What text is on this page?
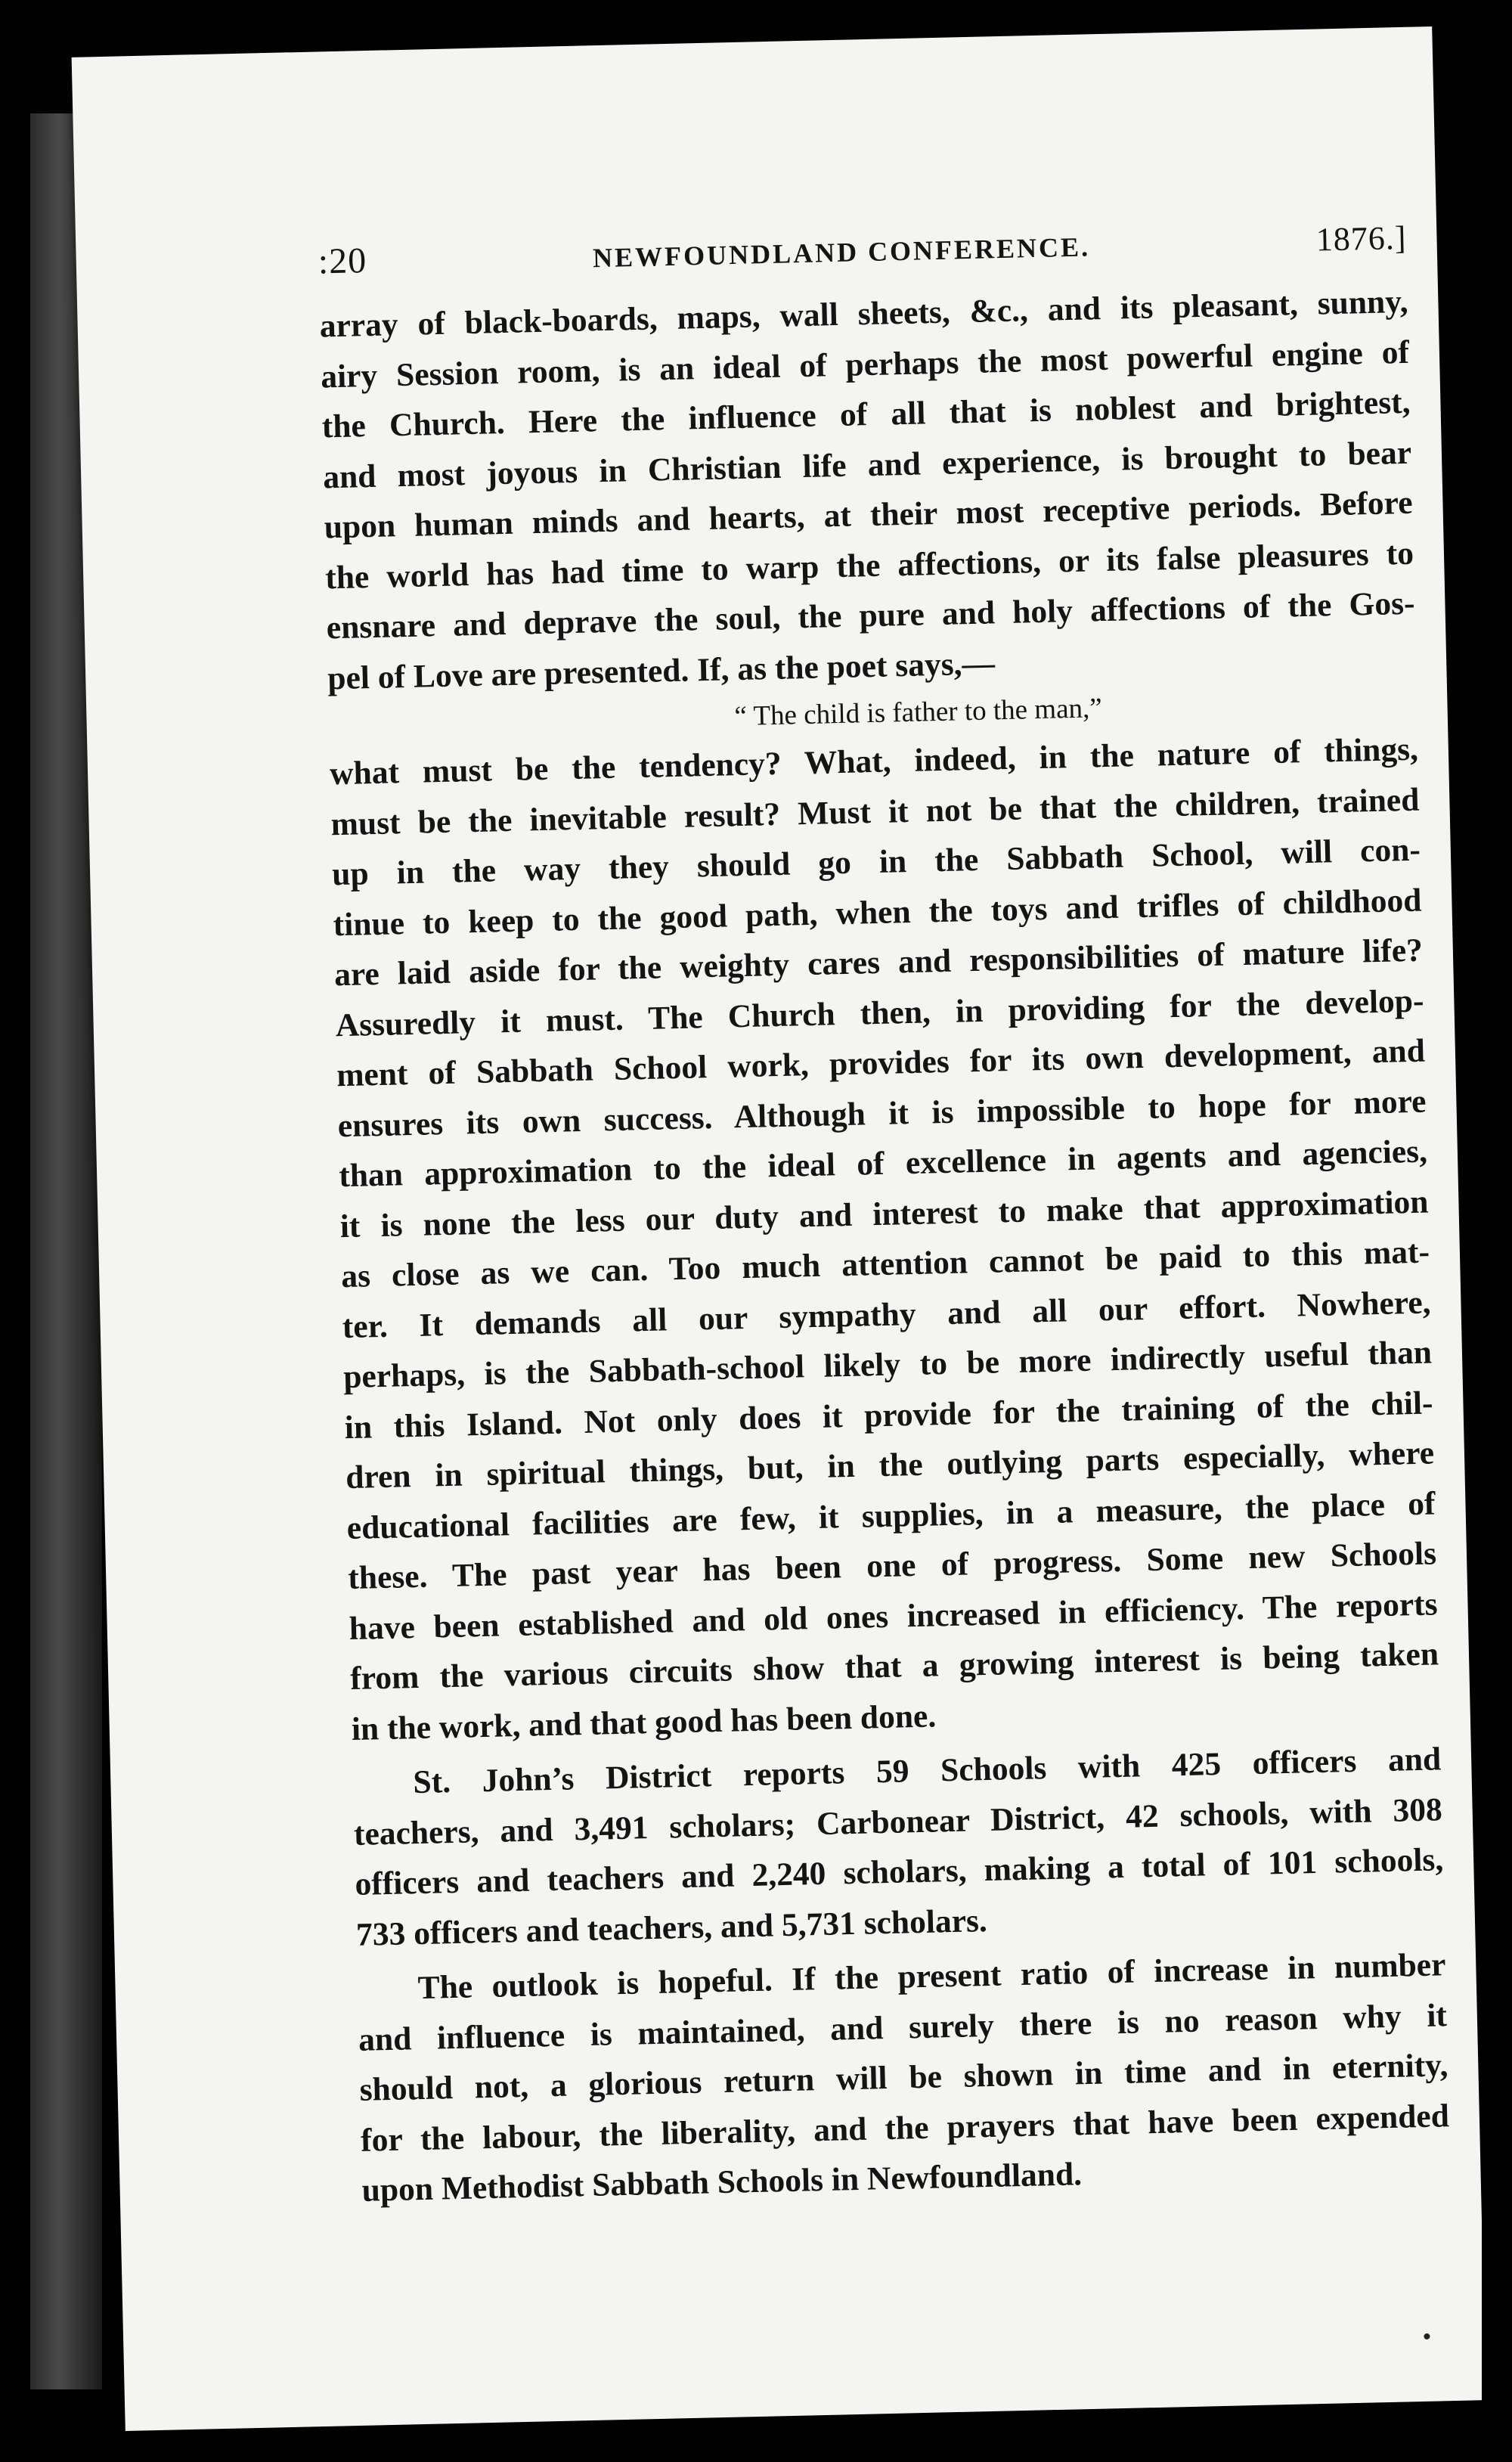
:20	NEWFOUNDLAND CONFERENCE.	1876.]
array of black-boards, maps, wall sheets, &c., and its pleasant, sunny,
airy Session room, is an ideal of perhaps the most powerful engine of
the Church. Here the influence of all that is noblest and brightest,
and most joyous in Christian life and experience, is brought to bear
upon human minds and hearts, at their most receptive periods. Before
the world has had time to warp the affections, or its false pleasures to
ensnare and deprave the soul, the pure and holy affections of the Gos-
pel of Love are presented. If, as the poet says,—
“ The child is father to the man,”
what must be the tendency? What, indeed, in the nature of things,
must be the inevitable result? Must it not be that the children, trained
up in the way they should go in the Sabbath School, will con-
tinue to keep to the good path, when the toys and trifles of childhood
are laid aside for the weighty cares and responsibilities of mature life?
Assuredly it must. The Church then, in providing for the develop-
ment of Sabbath School work, provides for its own development, and
ensures its own success. Although it is impossible to hope for more
than approximation to the ideal of excellence in agents and agencies,
it is none the less our duty and interest to make that approximation
as close as we can. Too much attention cannot be paid to this mat-
ter. It demands all our sympathy and all our effort. Nowhere,
perhaps, is the Sabbath-school likely to be more indirectly useful than
in this Island. Not only does it provide for the training of the chil-
dren in spiritual things, but, in the outlying parts especially, where
educational facilities are few, it supplies, in a measure, the place of
these. The past year has been one of progress. Some new Schools
have been established and old ones increased in efficiency. The reports
from the various circuits show that a growing interest is being taken
in the work, and that good has been done.
St. John’s District reports 59 Schools with 425 officers and
teachers, and 3,491 scholars; Carbonear District, 42 schools, with 308
officers and teachers and 2,240 scholars, making a total of 101 schools,
733 officers and teachers, and 5,731 scholars.
The outlook is hopeful. If the present ratio of increase in number
and influence is maintained, and surely there is no reason why it
should not, a glorious return will be shown in time and in eternity,
for the labour, the liberality, and the prayers that have been expended
upon Methodist Sabbath Schools in Newfoundland.
